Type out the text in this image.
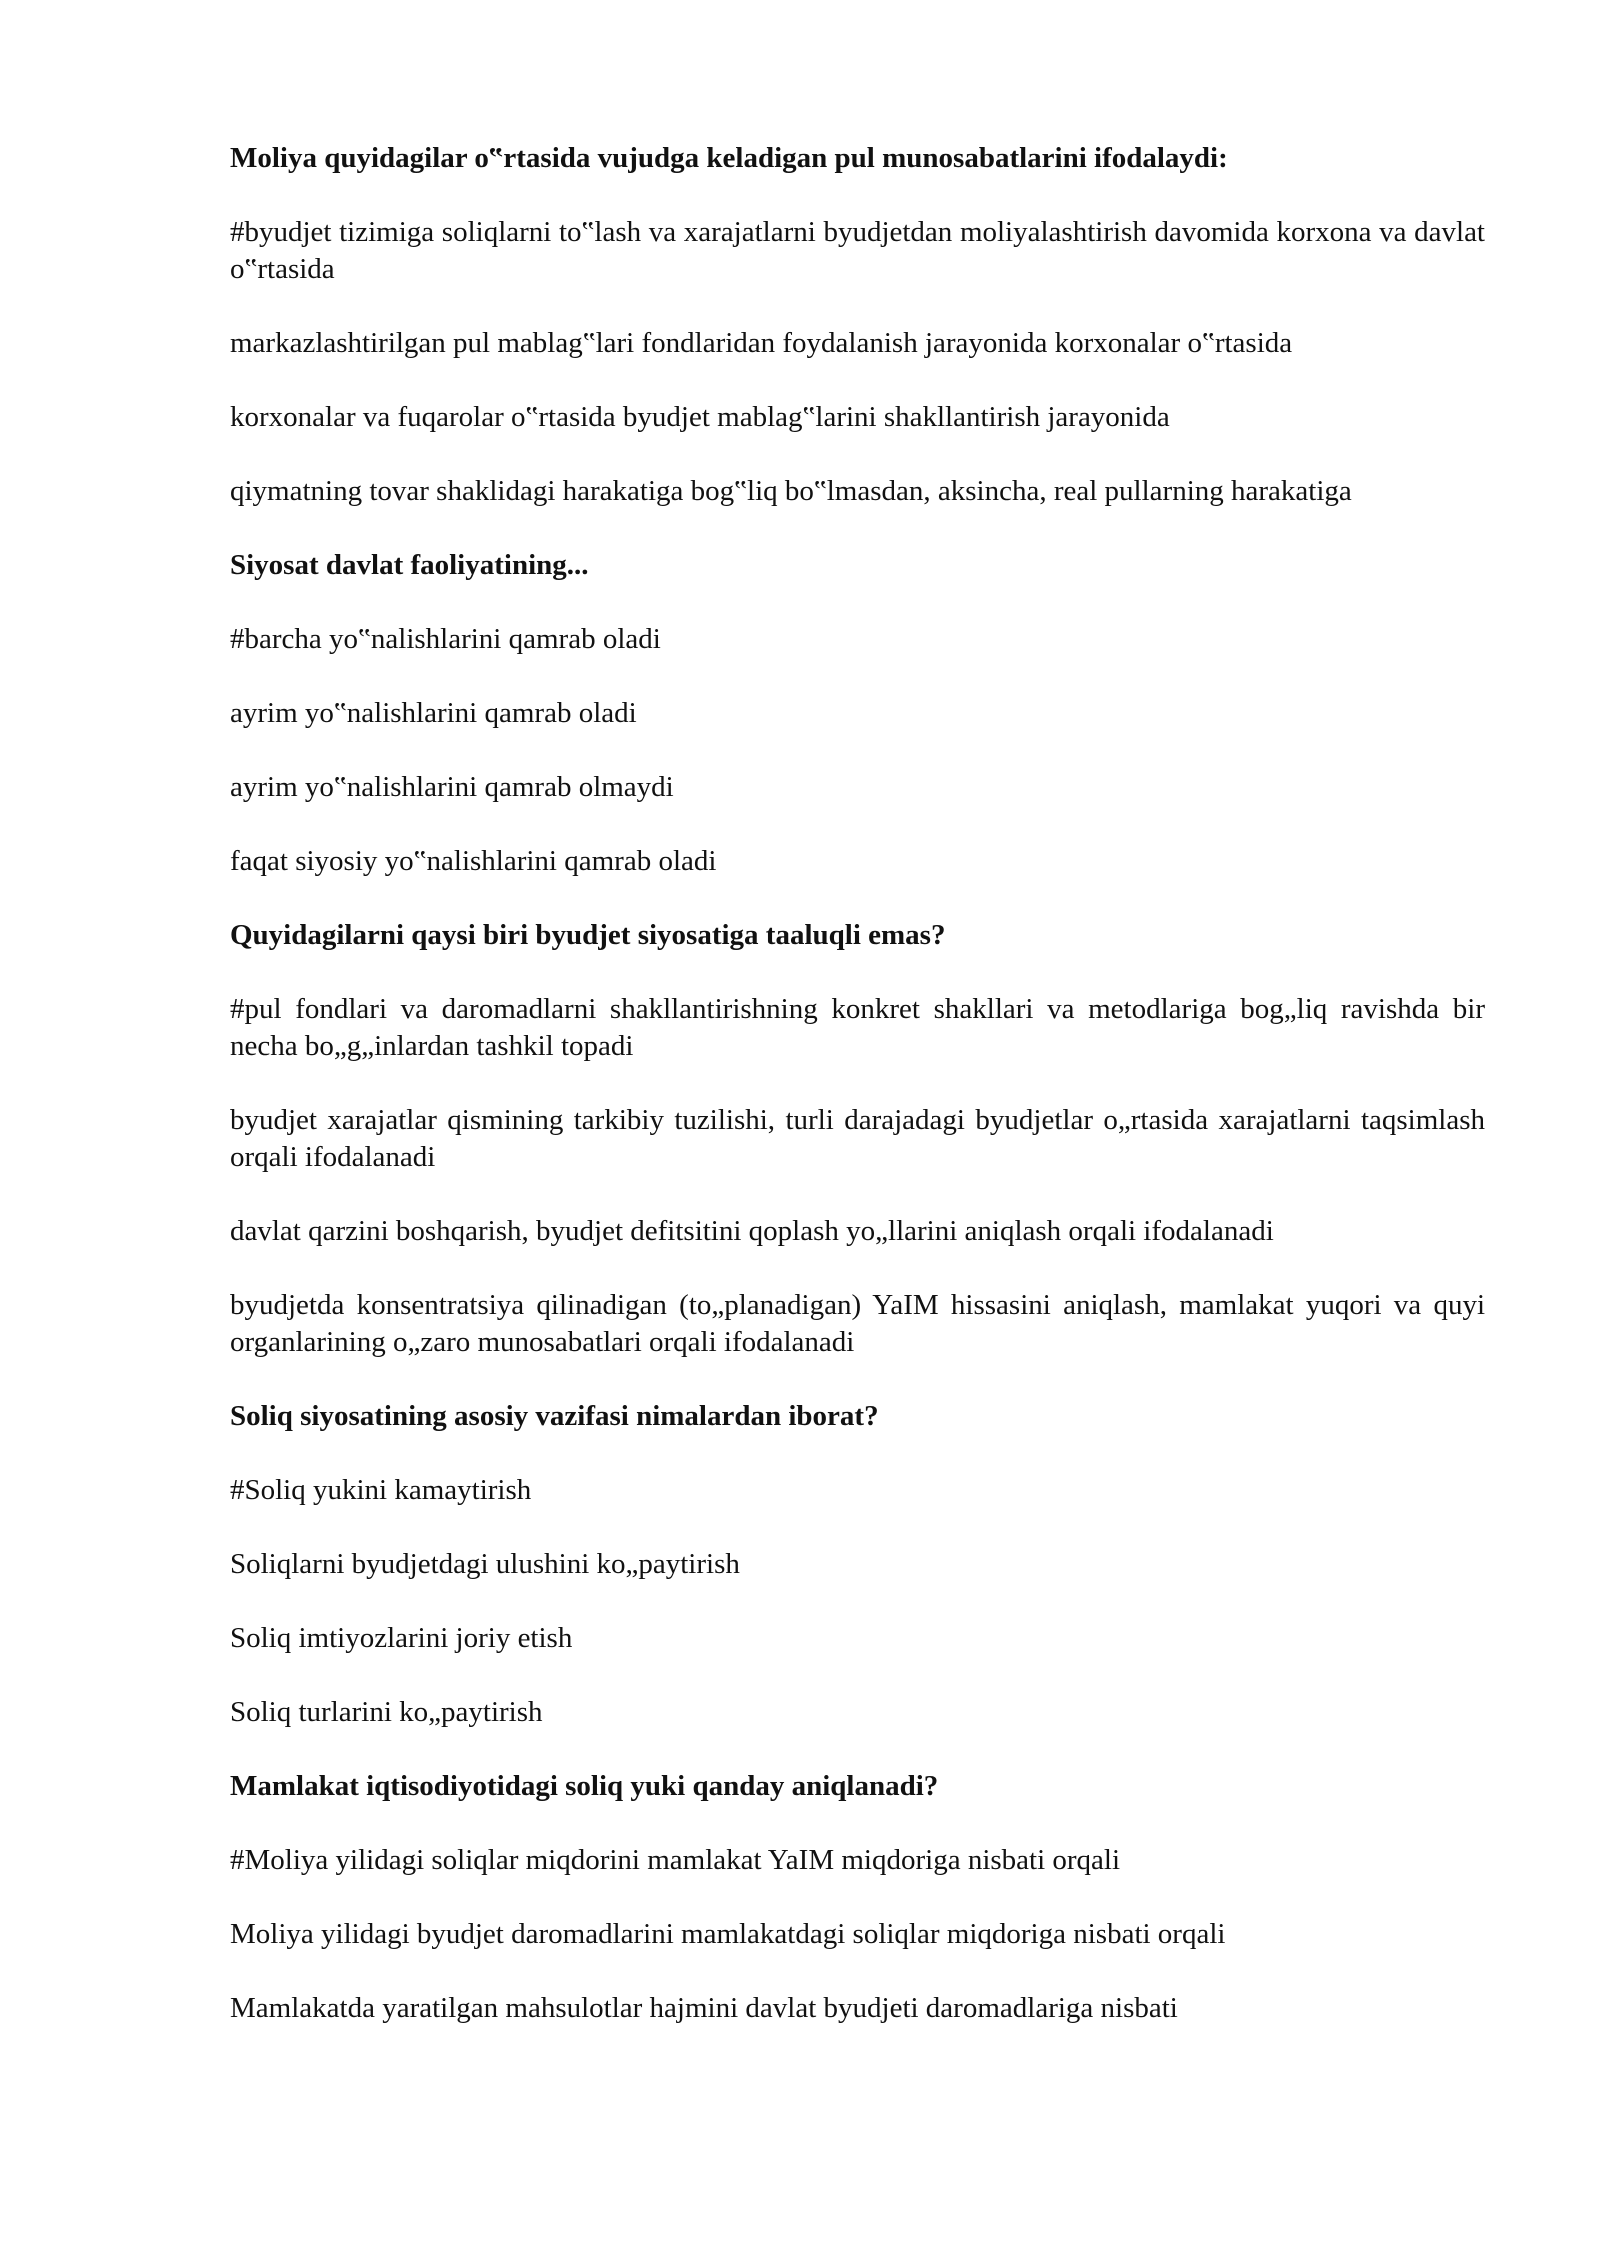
Moliya quyidagilar o‟rtasida vujudga keladigan pul munosabatlarini ifodalaydi:

#byudjet tizimiga soliqlarni to‟lash va xarajatlarni byudjetdan moliyalashtirish davomida korxona va davlat o‟rtasida

markazlashtirilgan pul mablag‟lari fondlaridan foydalanish jarayonida korxonalar o‟rtasida

korxonalar va fuqarolar o‟rtasida byudjet mablag‟larini shakllantirish jarayonida

qiymatning tovar shaklidagi harakatiga bog‟liq bo‟lmasdan, aksincha, real pullarning harakatiga

Siyosat davlat faoliyatining...

#barcha yo‟nalishlarini qamrab oladi

ayrim yo‟nalishlarini qamrab oladi

ayrim yo‟nalishlarini qamrab olmaydi

faqat siyosiy yo‟nalishlarini qamrab oladi

Quyidagilarni qaysi biri byudjet siyosatiga taaluqli emas?

#pul fondlari va daromadlarni shakllantirishning konkret shakllari va metodlariga bog„liq ravishda bir necha bo„g„inlardan tashkil topadi

byudjet xarajatlar qismining tarkibiy tuzilishi, turli darajadagi byudjetlar o„rtasida xarajatlarni taqsimlash orqali ifodalanadi

davlat qarzini boshqarish, byudjet defitsitini qoplash yo„llarini aniqlash orqali ifodalanadi

byudjetda konsentratsiya qilinadigan (to„planadigan) YaIM hissasini aniqlash, mamlakat yuqori va quyi organlarining o„zaro munosabatlari orqali ifodalanadi

Soliq siyosatining asosiy vazifasi nimalardan iborat?

#Soliq yukini kamaytirish

Soliqlarni byudjetdagi ulushini ko„paytirish

Soliq imtiyozlarini joriy etish

Soliq turlarini ko„paytirish

Mamlakat iqtisodiyotidagi soliq yuki qanday aniqlanadi?

#Moliya yilidagi soliqlar miqdorini mamlakat YaIM miqdoriga nisbati orqali

Moliya yilidagi byudjet daromadlarini mamlakatdagi soliqlar miqdoriga nisbati orqali

Mamlakatda yaratilgan mahsulotlar hajmini davlat byudjeti daromadlariga nisbati
